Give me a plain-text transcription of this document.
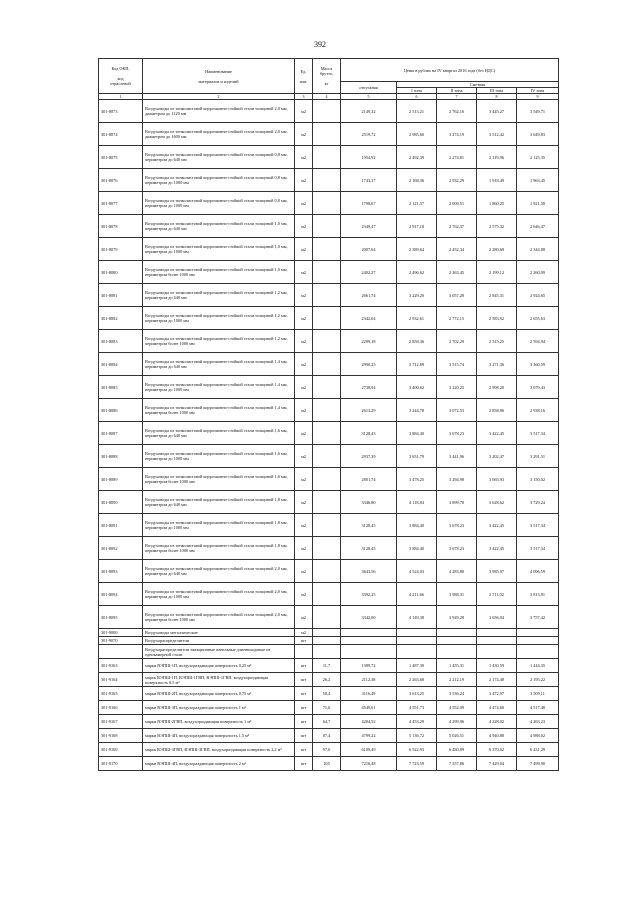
392
Код ОКП,

код
отраслевой	Наименование

материалов и изделий	Ед.

изм.	Масса
брутто,

кг	Цены в рублях на IV квартал 2016 года (без НДС)				
				отпускная	Сметная			
					I зона	II зона	III зона	IV зона
1	2	3	4	5	6	7	8	9
301-8073	Воздуховоды из тонколистовой коррозионно-стойкой стали толщиной 2,0 мм, диаметром до 1120 мм	м2		2149,32	2 513,21	2 762,16	3 445,27	3 549,71
301-8074	Воздуховоды из тонколистовой коррозионно-стойкой стали толщиной 2,0 мм, диаметром до 1600 мм	м2		2519,72	2 985,60	3 274,19	3 512,42	3 649,83
301-8075	Воздуховоды из тонколистовой коррозионно-стойкой стали толщиной 0,8 мм, периметром до 640 мм	м2		1954,92	2 492,39	2 274,81	2 119,96	2 125,35
301-8076	Воздуховоды из тонколистовой коррозионно-стойкой стали толщиной 0,8 мм, периметром до 1000 мм	м2		1743,37	2 168,36	2 932,29	1 918,49	1 963,45
301-8077	Воздуховоды из тонколистовой коррозионно-стойкой стали толщиной 0,8 мм, периметром до 1000 мм	м2		1798,67	2 121,57	2 009,51	1 860,25	1 921,58
301-8078	Воздуховоды из тонколистовой коррозионно-стойкой стали толщиной 1,0 мм, периметром до 640 мм	м2		2349,47	2 917,18	2 762,37	2 575,32	2 646,47
301-8079	Воздуховоды из тонколистовой коррозионно-стойкой стали толщиной 1,0 мм, периметром до 1000 мм	м2		2007,64	2 389,64	2 452,34	2 280,68	2 344,88
301-8080	Воздуховоды из тонколистовой коррозионно-стойкой стали толщиной 1,0 мм, периметром более 1000 мм	м2		2402,27	2 496,62	2 363,45	2 199,12	2 260,09
301-8081	Воздуховоды из тонколистовой коррозионно-стойкой стали толщиной 1,2 мм, периметром до 640 мм	м2		2661,74	3 229,20	3 057,28	2 845,31	2 924,65
301-8082	Воздуховоды из тонколистовой коррозионно-стойкой стали толщиной 1,2 мм, периметром до 1000 мм	м2		2342,04	2 932,61	2 772,15	2 583,92	2 655,63
301-8083	Воздуховоды из тонколистовой коррозионно-стойкой стали толщиной 1,2 мм, периметром более 1000 мм	м2		2299,18	2 858,36	2 702,29	2 515,25	2 594,94
301-8084	Воздуховоды из тонколистовой коррозионно-стойкой стали толщиной 1,4 мм, периметром до 640 мм	м2		2990,25	3 712,89	3 515,74	3 271,36	3 360,59
301-8085	Воздуховоды из тонколистовой коррозионно-стойкой стали толщиной 1,4 мм, периметром до 1000 мм	м2		2738,94	3 400,62	3 220,25	2 998,20	3 079,43
301-8086	Воздуховоды из тонколистовой коррозионно-стойкой стали толщиной 1,4 мм, периметром более 1000 мм	м2		2613,29	3 244,78	3 072,53	2 858,96	2 938,16
301-8087	Воздуховоды из тонколистовой коррозионно-стойкой стали толщиной 1,6 мм, периметром до 640 мм	м2		3128,43	3 884,40	3 678,23	3 422,45	3 517,34
301-8088	Воздуховоды из тонколистовой коррозионно-стойкой стали толщиной 1,6 мм, периметром до 1000 мм	м2		2937,39	3 651,79	3 441,96	3 202,47	3 291,31
301-8089	Воздуховоды из тонколистовой коррозионно-стойкой стали толщиной 1,6 мм, периметром более 1000 мм	м2		2801,74	3 478,25	3 294,98	3 065,93	3 150,02
301-8090	Воздуховоды из тонколистовой коррозионно-стойкой стали толщиной 1,8 мм, периметром до 640 мм	м2		3346,80	4 118,84	3 899,78	3 628,62	3 729,24
301-8091	Воздуховоды из тонколистовой коррозионно-стойкой стали толщиной 1,8 мм, периметром до 1000 мм	м2		3128,45	3 884,40	3 678,23	3 422,45	3 517,34
301-8092	Воздуховоды из тонколистовой коррозионно-стойкой стали толщиной 1,8 мм, периметром более 1000 мм	м2		3128,45	3 884,40	3 678,23	3 422,45	3 517,34
301-8093	Воздуховоды из тонколистовой коррозионно-стойкой стали толщиной 2,0 мм, периметром до 640 мм	м2		3643,56	4 524,03	4 283,88	3 985,97	4 096,59
301-8094	Воздуховоды из тонколистовой коррозионно-стойкой стали толщиной 2,0 мм, периметром до 1000 мм	м2		3392,25	4 211,66	3 988,31	3 711,02	3 813,91
301-8095	Воздуховоды из тонколистовой коррозионно-стойкой стали толщиной 2,0 мм, периметром более 1000 мм	м2		3342,00	4 149,38	3 929,28	3 656,04	3 757,42
301-9000	Воздуховоды металлические	м2						
301-9070	Воздухораспределители	шт						
	Воздухораспределители эжекционные панельные длинноходовые из однокамерной стали							
301-9163	марки ВЭПШ-1П, воздухораздающая поверхность 0,25 м²	шт	11,7	1389,72	1 487,39	1 455,31	1 430,59	1 444,35
301-9164	марок ВЭПШ-1П, ВЭПШ-1ГВП, ВЭПШ-1ГВП, воздухораздающая поверхность 0,5 м²	шт	26,2	2112,38	2 263,68	2 212,19	2 174,48	2 195,22
301-9165	марки ВЭПШ-2П, воздухораздающая поверхность 0,75 м²	шт	50,4	3116,49	3 613,25	3 536,24	3 472,97	3 509,11
301-9166	марки ВЭПШ-3П, воздухораздающая поверхность 1 м²	шт	71,6	4549,61	4 551,73	4 552,09	4 474,60	4 517,48
301-9167	марки ВЭПШ-2ГВП, воздухораздающая поверхность 1 м²	шт	64,7	4204,52	4 453,29	4 299,96	4 228,02	4 263,23
301-9168	марки ВЭПШ-4П, воздухораздающая поверхность 1,5 м²	шт	87,4	4799,22	5 136,72	5 026,51	4 940,88	4 988,02
301-9169	марок ВЭПШ-3ГВП, ВЭПШ-3ГВП, воздухораздающая поверхность 2,2 м²	шт	97,6	6109,49	6 522,93	6 480,89	6 370,02	6 431,29
301-9170	марки ВЭПШ-4П, воздухораздающая поверхность 2 м²	шт	105	7216,48	7 723,59	7 557,86	7 429,04	7 499,90
